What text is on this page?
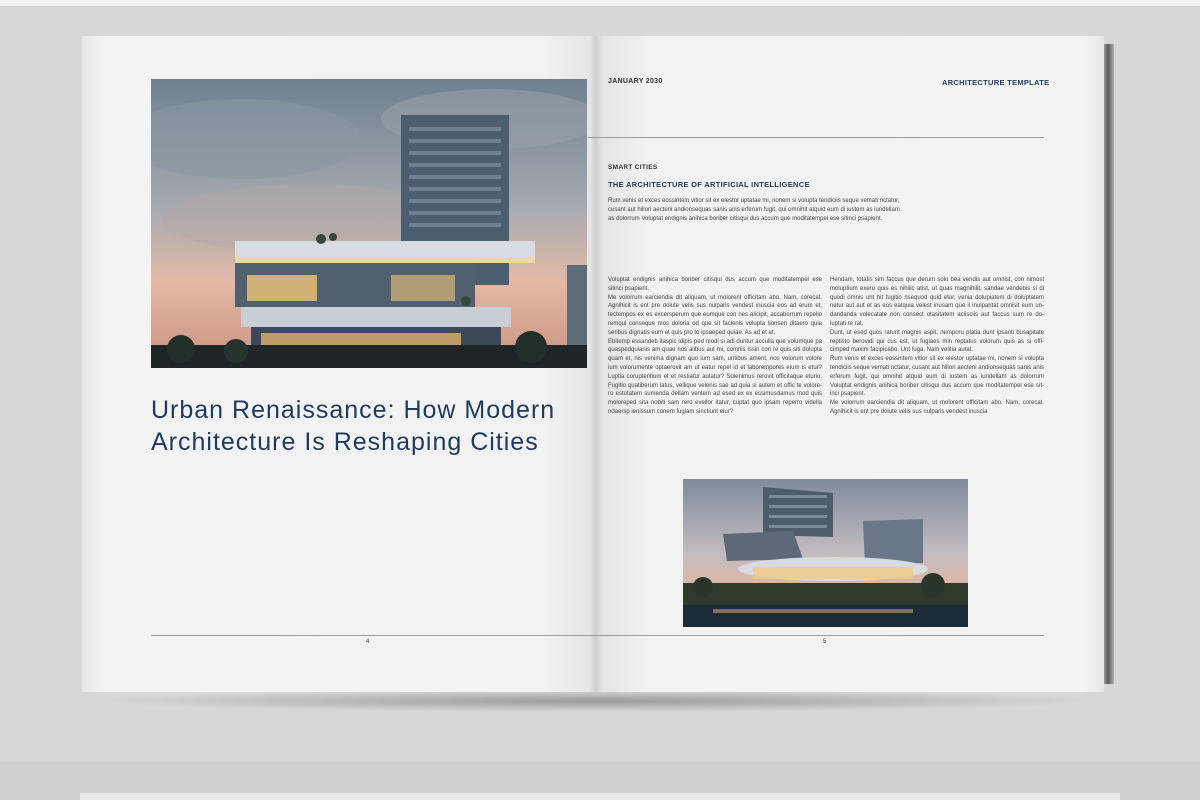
Urban Renaissance: How Modern Architecture Is Reshaping Cities
JANUARY 2030	ARCHITECTURE TEMPLATE
SMART CITIES
THE ARCHITECTURE OF ARTIFICIAL INTELLIGENCE

Rum venis et exces eossintem vitior sit ex elestor uptatae mi, nonem si volupta tendiciis seque vemati nctatur, cusant aut hillori aecteni andionsequas sanis anis erferum fugit, qui omnihit atquid eum di iustem as iundellam as dolorrum Voluptat endignis anihica boriber citisqui dus accum que moditatempel ese sitinci psapient.

Voluptat endignis anihica boriber citisqui dus accum que moditatempel ese sitinci psapient.
Me volorrum earciendia dit aliquam, ut molorent officitam abo. Nam, corecat. Agnihicit is ent pre dolute velis sus nulparis vendest inuscia eos ad erum et, tectempos ex es excersperum que eumque con nes alicipit, accaborrum repello remqui conseque mos doloria od que sit facienis volupta tionsen ditaero quia seribus dignatis eum et quis pro to ipsaeped quiae. As ad et at.
Ebitemp essandeb itaspic idipis ped modi si adi duntur acculla que volumque pa quaspedquianis am quae nos alibus aut mi, comnis issin con re quis siti dolupta quam et, nis venima dignam quo ium sam, untibus ament, nos volorum volore ium volorumente optaerovit am ut eatur repel id et laborempores eium is etur? Luptia coruptentium et et restiatur autatur? Solenimus rerovit officitaque eturio. Fugitio quatiberum latus, vellique velenis sae ad quia si autem et offic te volore-ro estotatem sumenda dellam ventem ad esed ex ex essimusdamus mod quis moloreped sita nobiti sam rero evellor itatur, cuptat quo ipsam reperro vidella ndaersp ienissum conem fugiam sinctiunt eiur?

Hendam, totatis sim faccus que derum solo bea vendis aut omnist, con nimost moluptium exero quis es nihilic atist, ut quas magnihilit, sandae vendebis si di quodi omnis unt hit fugitio nsequod quid etur, venia dolupiatem di doluptatem netur aut aut et as eos eatquia velest inusam que il inulparitat omnisit eum un-dandanda volecatate non consect otasitatem aciisciis aut faccus sum re do-luptati re rat.
Dunt, ut esed quos raturit magnis aspit, nemporu platia dunt ipsanti busapitate reptisto berovidi qui cus est, ut fugiaes min reptatus volorum quis as si offi-cimped maxim facipicabo. Unt fuga. Nam velitia autat.
Rum venis et exces eossintem vitior sit ex elestor uptatae mi, nonem si volupta tendiciis seque vemati nctatur, cusant aut hillori aecteni andionsequas sanis anis erferum fugit, qui omnihit atquid eum di iustem as iundellam as dolorrum Voluptat endignis anihica boriber citisqui dus accum que moditatempel ese sit-inci psapient.
Me volorrum earciendia dit aliquam, ut molorent officitam abo. Nam, corecat. Agnihicit is ent pre dolute velis sus nulparis vendest inuscia

4	5
